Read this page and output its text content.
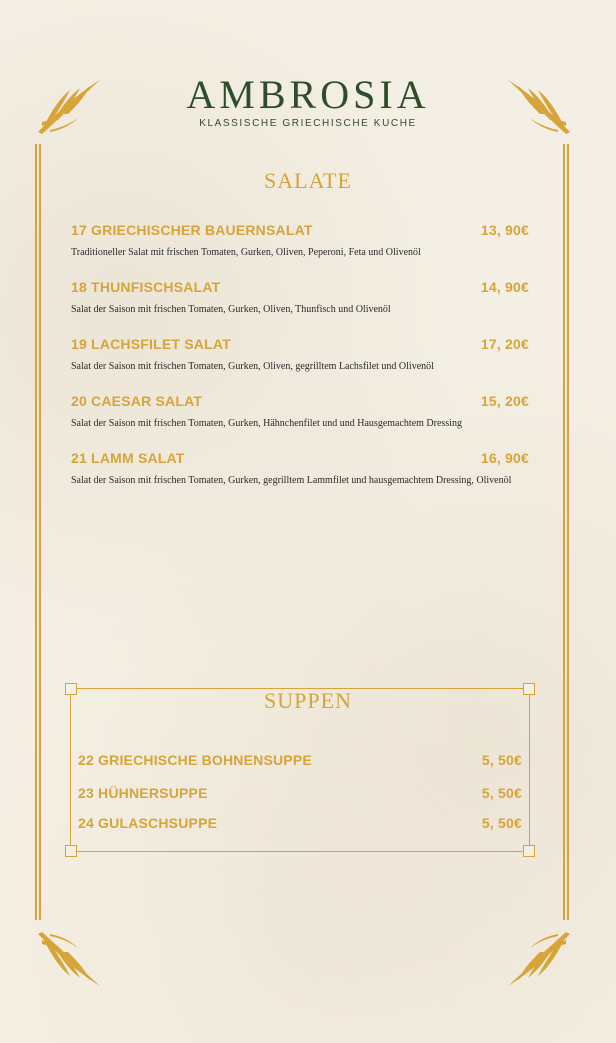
AMBROSIA
KLASSISCHE GRIECHISCHE KUCHE
SALATE
17 GRIECHISCHER BAUERNSALAT	13, 90€
Traditioneller Salat mit frischen Tomaten, Gurken, Oliven, Peperoni, Feta und Olivenöl
18 THUNFISCHSALAT	14, 90€
Salat der Saison mit frischen Tomaten, Gurken, Oliven, Thunfisch und Olivenöl
19 LACHSFILET SALAT	17, 20€
Salat der Saison mit frischen Tomaten, Gurken, Oliven, gegrilltem Lachsfilet und Olivenöl
20 CAESAR SALAT	15, 20€
Salat der Saison mit frischen Tomaten, Gurken, Hähnchenfilet und und Hausgemachtem Dressing
21 LAMM SALAT	16, 90€
Salat der Saison mit frischen Tomaten, Gurken, gegrilltem Lammfilet und hausgemachtem Dressing, Olivenöl
SUPPEN
22 GRIECHISCHE BOHNENSUPPE	5, 50€
23 HÜHNERSUPPE	5, 50€
24 GULASCHSUPPE	5, 50€
